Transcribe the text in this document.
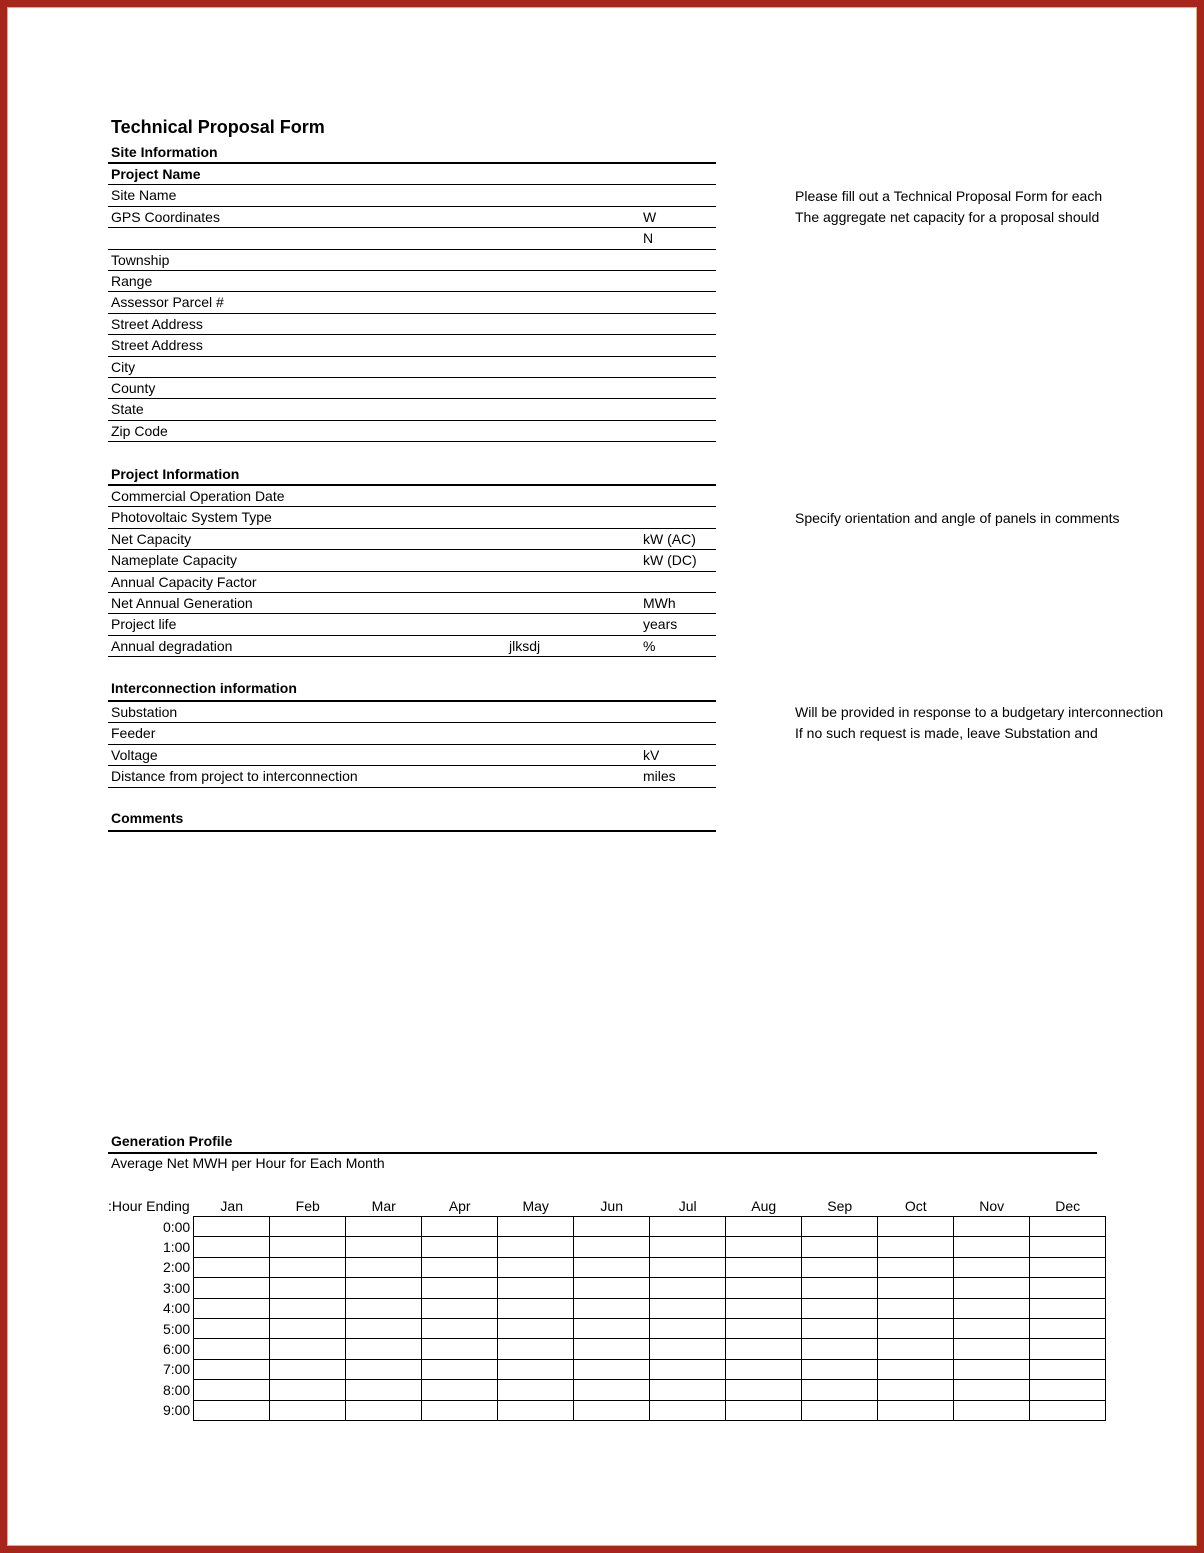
Technical Proposal Form
Site Information
Project Name
Site Name
GPS Coordinates	W
N
Township
Range
Assessor Parcel #
Street Address
Street Address
City
County
State
Zip Code
Please fill out a Technical Proposal Form for each
The aggregate net capacity for a proposal should
Project Information
Commercial Operation Date
Photovoltaic System Type
Net Capacity	kW (AC)
Nameplate Capacity	kW (DC)
Annual Capacity Factor
Net Annual Generation	MWh
Project life	years
Annual degradation	jlksdj	%
Specify orientation and angle of panels in comments
Interconnection information
Substation
Feeder
Voltage	kV
Distance from project to interconnection	miles
Will be provided in response to a budgetary interconnection
If no such request is made, leave Substation and
Comments
Generation Profile
Average Net MWH per Hour for Each Month
Hour Ending:	Jan	Feb	Mar	Apr	May	Jun	Jul	Aug	Sep	Oct	Nov	Dec
0:00												
1:00												
2:00												
3:00												
4:00												
5:00												
6:00												
7:00												
8:00												
9:00												
